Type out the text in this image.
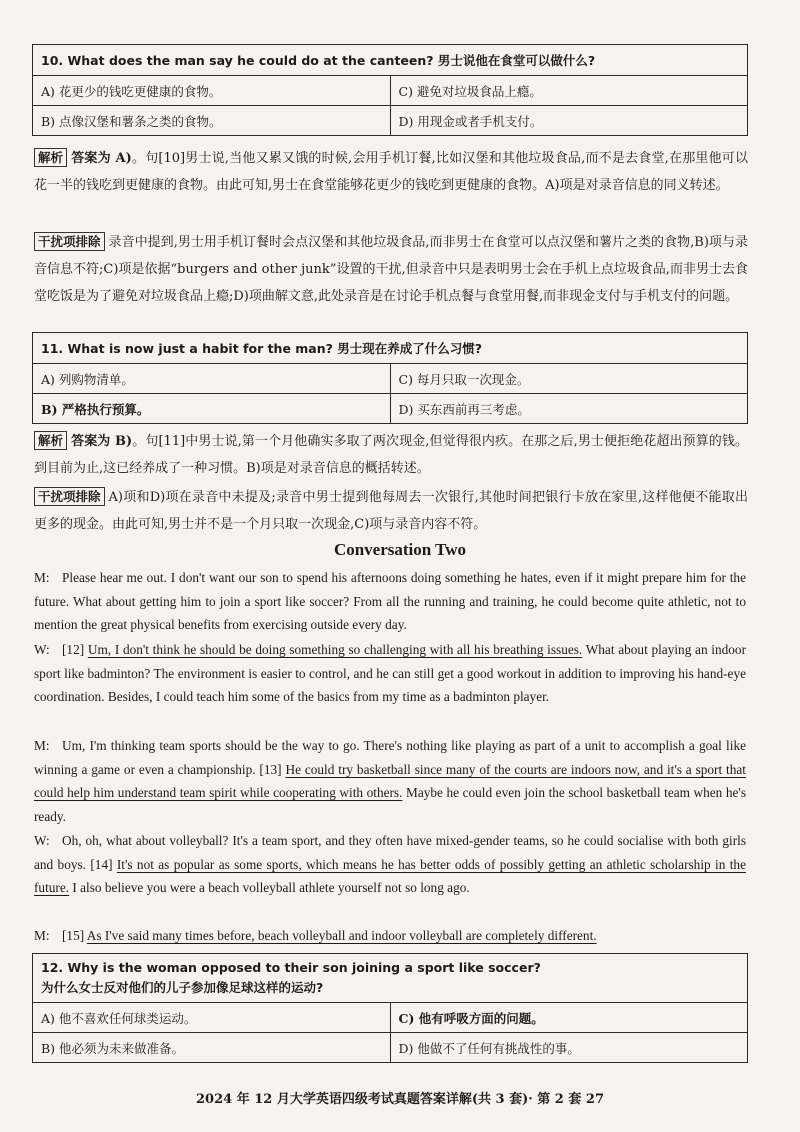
10. What does the man say he could do at the canteen? 男士说他在食堂可以做什么?	
A) 花更少的钱吃更健康的食物。	C) 避免对垃圾食品上瘾。
B) 点像汉堡和薯条之类的食物。	D) 用现金或者手机支付。
解析 答案为 A)。句[10]男士说,当他又累又饿的时候,会用手机订餐,比如汉堡和其他垃圾食品,而不是去食堂,在那里他可以花一半的钱吃到更健康的食物。由此可知,男士在食堂能够花更少的钱吃到更健康的食物。A)项是对录音信息的同义转述。
干扰项排除 录音中提到,男士用手机订餐时会点汉堡和其他垃圾食品,而非男士在食堂可以点汉堡和薯片之类的食物,B)项与录音信息不符;C)项是依据“burgers and other junk”设置的干扰,但录音中只是表明男士会在手机上点垃圾食品,而非男士去食堂吃饭是为了避免对垃圾食品上瘾;D)项曲解文意,此处录音是在讨论手机点餐与食堂用餐,而非现金支付与手机支付的问题。
11. What is now just a habit for the man? 男士现在养成了什么习惯?	
A) 列购物清单。	C) 每月只取一次现金。
B) 严格执行预算。	D) 买东西前再三考虑。
解析 答案为 B)。句[11]中男士说,第一个月他确实多取了两次现金,但觉得很内疚。在那之后,男士便拒绝花超出预算的钱。到目前为止,这已经养成了一种习惯。B)项是对录音信息的概括转述。
干扰项排除 A)项和D)项在录音中未提及;录音中男士提到他每周去一次银行,其他时间把银行卡放在家里,这样他便不能取出更多的现金。由此可知,男士并不是一个月只取一次现金,C)项与录音内容不符。
Conversation Two
M: Please hear me out. I don't want our son to spend his afternoons doing something he hates, even if it might prepare him for the future. What about getting him to join a sport like soccer? From all the running and training, he could become quite athletic, not to mention the great physical benefits from exercising outside every day.
W: [12] Um, I don't think he should be doing something so challenging with all his breathing issues. What about playing an indoor sport like badminton? The environment is easier to control, and he can still get a good workout in addition to improving his hand-eye coordination. Besides, I could teach him some of the basics from my time as a badminton player.
M: Um, I'm thinking team sports should be the way to go. There's nothing like playing as part of a unit to accomplish a goal like winning a game or even a championship. [13] He could try basketball since many of the courts are indoors now, and it's a sport that could help him understand team spirit while cooperating with others. Maybe he could even join the school basketball team when he's ready.
W: Oh, oh, what about volleyball? It's a team sport, and they often have mixed-gender teams, so he could socialise with both girls and boys. [14] It's not as popular as some sports, which means he has better odds of possibly getting an athletic scholarship in the future. I also believe you were a beach volleyball athlete yourself not so long ago.
M: [15] As I've said many times before, beach volleyball and indoor volleyball are completely different.
12. Why is the woman opposed to their son joining a sport like soccer?
为什么女士反对他们的儿子参加像足球这样的运动?	
A) 他不喜欢任何球类运动。	C) 他有呼吸方面的问题。
B) 他必须为未来做准备。	D) 他做不了任何有挑战性的事。
2024 年 12 月大学英语四级考试真题答案详解(共 3 套)· 第 2 套 27
